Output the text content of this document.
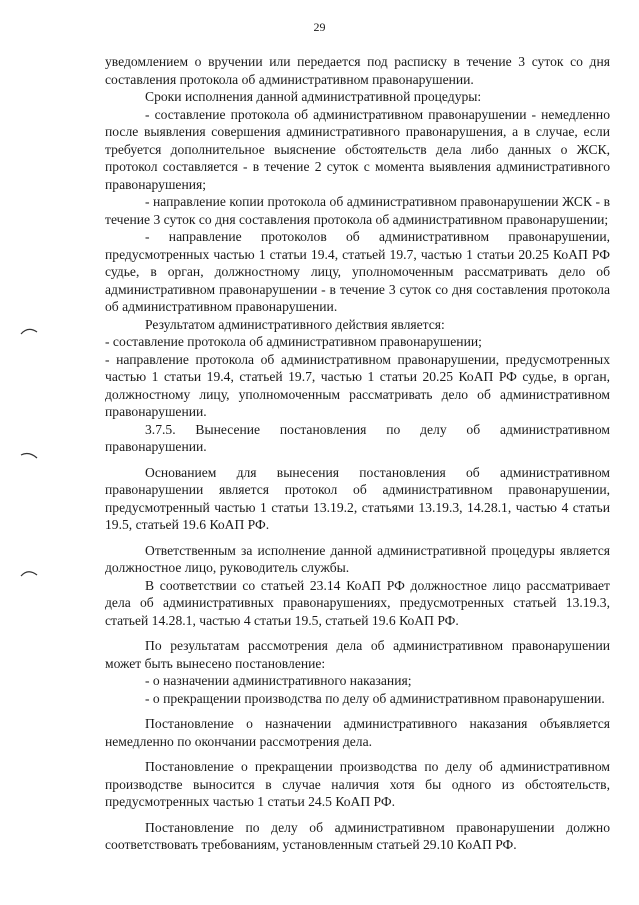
29

уведомлением о вручении или передается под расписку в течение 3 суток со дня составления протокола об административном правонарушении.

Сроки исполнения данной административной процедуры:

- составление протокола об административном правонарушении - немедленно после выявления совершения административного правонарушения, а в случае, если требуется дополнительное выяснение обстоятельств дела либо данных о ЖСК, протокол составляется - в течение 2 суток с момента выявления административного правонарушения;

- направление копии протокола об административном правонарушении ЖСК - в течение 3 суток со дня составления протокола об административном правонарушении;

- направление протоколов об административном правонарушении, предусмотренных частью 1 статьи 19.4, статьей 19.7, частью 1 статьи 20.25 КоАП РФ судье, в орган, должностному лицу, уполномоченным рассматривать дело об административном правонарушении - в течение 3 суток со дня составления протокола об административном правонарушении.

Результатом административного действия является:

- составление протокола об административном правонарушении;

- направление протокола об административном правонарушении, предусмотренных частью 1 статьи 19.4, статьей 19.7, частью 1 статьи 20.25 КоАП РФ судье, в орган, должностному лицу, уполномоченным рассматривать дело об административном правонарушении.

3.7.5. Вынесение постановления по делу об административном правонарушении.

Основанием для вынесения постановления об административном правонарушении является протокол об административном правонарушении, предусмотренный частью 1 статьи 13.19.2, статьями 13.19.3, 14.28.1, частью 4 статьи 19.5, статьей 19.6 КоАП РФ.

Ответственным за исполнение данной административной процедуры является должностное лицо, руководитель службы.

В соответствии со статьей 23.14 КоАП РФ должностное лицо рассматривает дела об административных правонарушениях, предусмотренных статьей 13.19.3, статьей 14.28.1, частью 4 статьи 19.5, статьей 19.6 КоАП РФ.

По результатам рассмотрения дела об административном правонарушении может быть вынесено постановление:

- о назначении административного наказания;

- о прекращении производства по делу об административном правонарушении.

Постановление о назначении административного наказания объявляется немедленно по окончании рассмотрения дела.

Постановление о прекращении производства по делу об административном производстве выносится в случае наличия хотя бы одного из обстоятельств, предусмотренных частью 1 статьи 24.5 КоАП РФ.

Постановление по делу об административном правонарушении должно соответствовать требованиям, установленным статьей 29.10 КоАП РФ.
